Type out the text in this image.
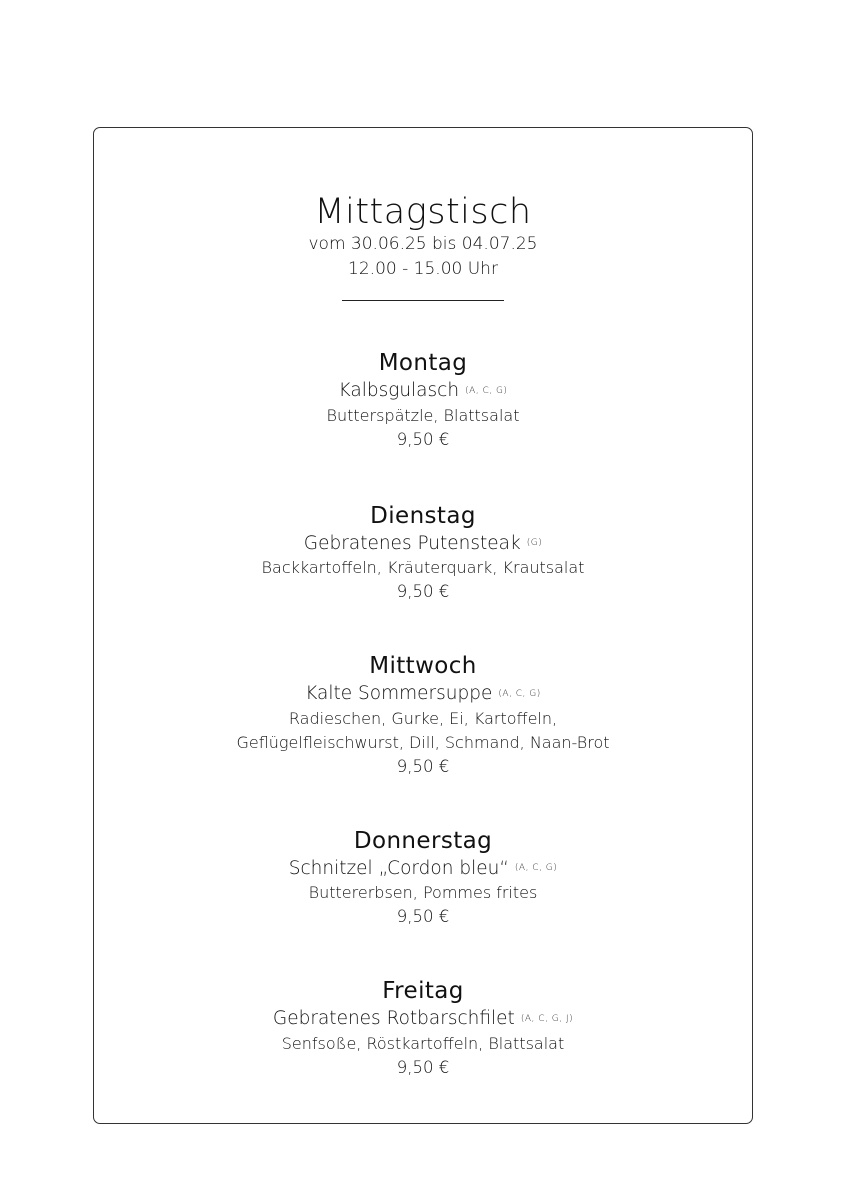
Mittagstisch
vom 30.06.25 bis 04.07.25
12.00 - 15.00 Uhr
Montag
Kalbsgulasch (A, C, G)
Butterspätzle, Blattsalat
9,50 €
Dienstag
Gebratenes Putensteak (G)
Backkartoffeln, Kräuterquark, Krautsalat
9,50 €
Mittwoch
Kalte Sommersuppe (A, C, G)
Radieschen, Gurke, Ei, Kartoffeln,
Geflügelfleischwurst, Dill, Schmand, Naan-Brot
9,50 €
Donnerstag
Schnitzel „Cordon bleu“ (A, C, G)
Buttererbsen, Pommes frites
9,50 €
Freitag
Gebratenes Rotbarschfilet (A, C, G, J)
Senfsoße, Röstkartoffeln, Blattsalat
9,50 €
